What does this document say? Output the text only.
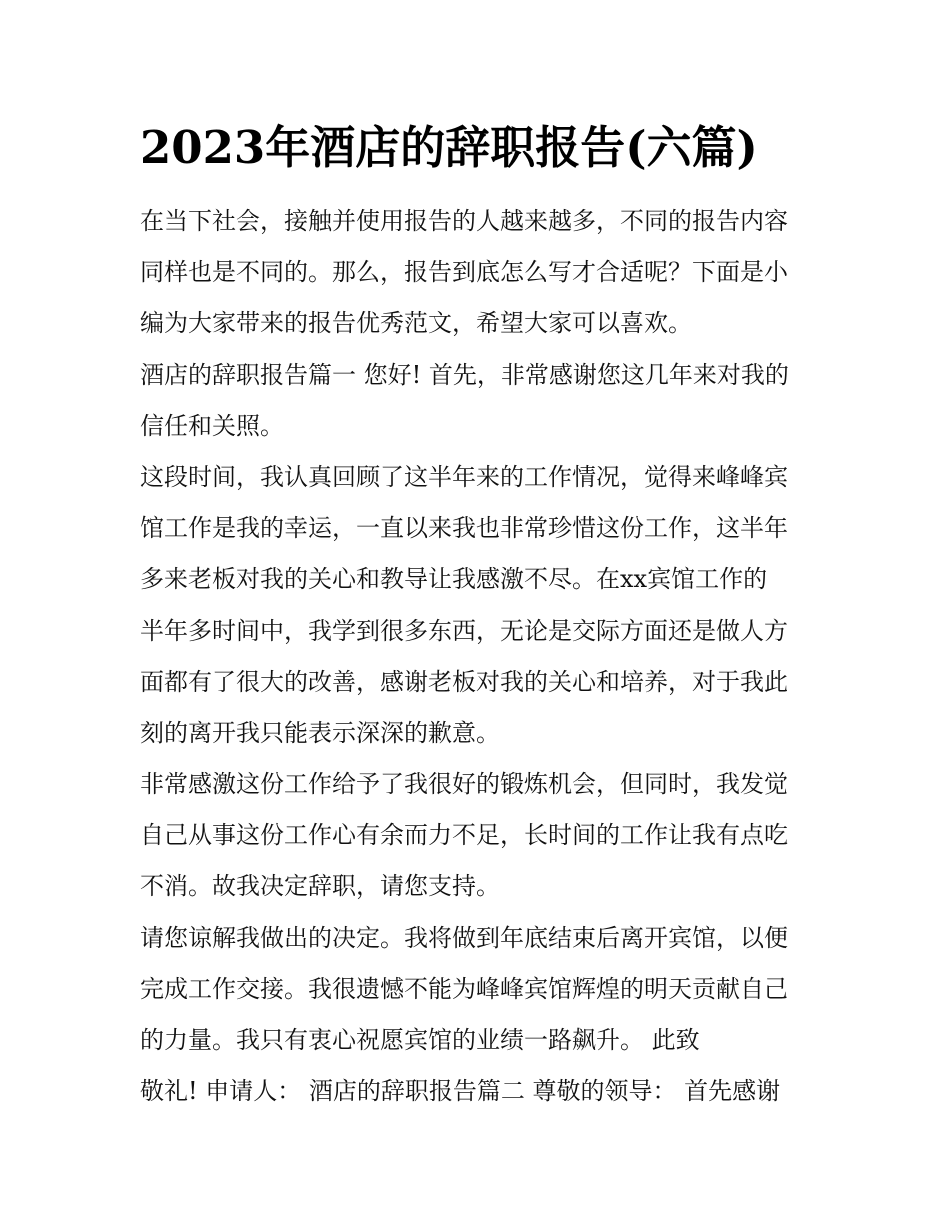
2023年酒店的辞职报告(六篇)
在当下社会，接触并使用报告的人越来越多，不同的报告内容
同样也是不同的。那么，报告到底怎么写才合适呢？下面是小
编为大家带来的报告优秀范文，希望大家可以喜欢。
酒店的辞职报告篇一 您好! 首先，非常感谢您这几年来对我的
信任和关照。
这段时间，我认真回顾了这半年来的工作情况，觉得来峰峰宾
馆工作是我的幸运，一直以来我也非常珍惜这份工作，这半年
多来老板对我的关心和教导让我感激不尽。在xx宾馆工作的
半年多时间中，我学到很多东西，无论是交际方面还是做人方
面都有了很大的改善，感谢老板对我的关心和培养，对于我此
刻的离开我只能表示深深的歉意。
非常感激这份工作给予了我很好的锻炼机会，但同时，我发觉
自己从事这份工作心有余而力不足，长时间的工作让我有点吃
不消。故我决定辞职，请您支持。
请您谅解我做出的决定。我将做到年底结束后离开宾馆，以便
完成工作交接。我很遗憾不能为峰峰宾馆辉煌的明天贡献自己
的力量。我只有衷心祝愿宾馆的业绩一路飙升。 此致
敬礼! 申请人： 酒店的辞职报告篇二 尊敬的领导： 首先感谢
